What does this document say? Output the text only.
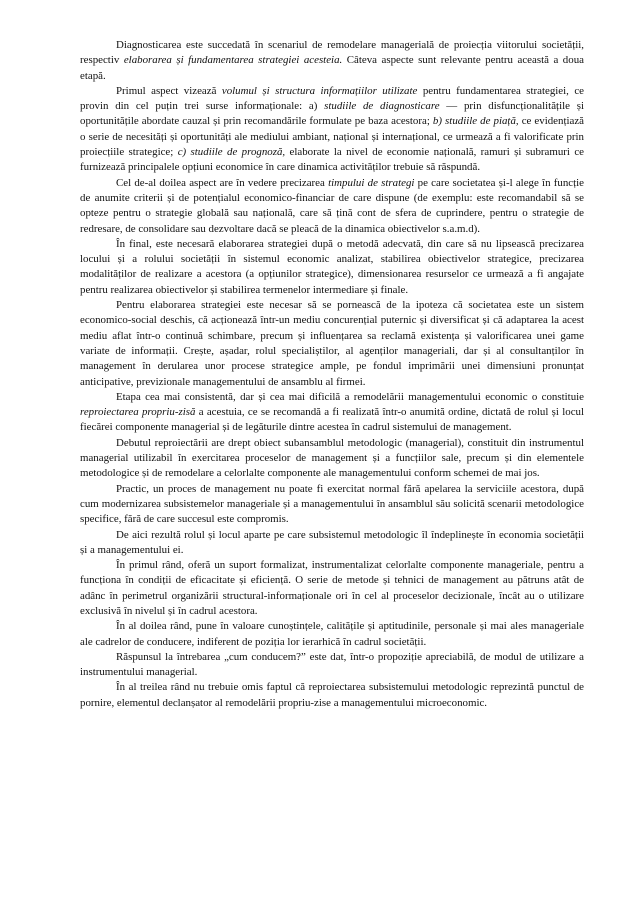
Diagnosticarea este succedată în scenariul de remodelare managerială de proiecția viitorului societății, respectiv elaborarea și fundamentarea strategiei acesteia. Câteva aspecte sunt relevante pentru această a doua etapă.

Primul aspect vizează volumul și structura informațiilor utilizate pentru fundamentarea strategiei, ce provin din cel puțin trei surse informaționale: a) studiile de diagnosticare — prin disfuncționalitățile și oportunitățile abordate cauzal și prin recomandările formulate pe baza acestora; b) studiile de piață, ce evidențiază o serie de necesități și oportunități ale mediului ambiant, național și internațional, ce urmează a fi valorificate prin proiecțiile strategice; c) studiile de prognoză, elaborate la nivel de economie națională, ramuri și subramuri ce furnizează principalele opțiuni economice în care dinamica activităților trebuie să răspundă.

Cel de-al doilea aspect are în vedere precizarea timpului de strategi pe care societatea și-l alege în funcție de anumite criterii și de potențialul economico-financiar de care dispune (de exemplu: este recomandabil să se opteze pentru o strategie globală sau națională, care să țină cont de sfera de cuprindere, pentru o strategie de redresare, de consolidare sau dezvoltare dacă se pleacă de la dinamica obiectivelor s.a.m.d).

În final, este necesară elaborarea strategiei după o metodă adecvată, din care să nu lipsească precizarea locului și a rolului societății în sistemul economic analizat, stabilirea obiectivelor strategice, precizarea modalităților de realizare a acestora (a opțiunilor strategice), dimensionarea resurselor ce urmează a fi angajate pentru realizarea obiectivelor și stabilirea termenelor intermediare și finale.

Pentru elaborarea strategiei este necesar să se pornească de la ipoteza că societatea este un sistem economico-social deschis, că acționează într-un mediu concurențial puternic și diversificat și că adaptarea la acest mediu aflat într-o continuă schimbare, precum și influențarea sa reclamă existența și valorificarea unei game variate de informații. Crește, așadar, rolul specialiștilor, al agenților manageriali, dar și al consultanților în management în derularea unor procese strategice ample, pe fondul imprimării unei dimensiuni pronunțat anticipative, previzionale managementului de ansamblu al firmei.

Etapa cea mai consistentă, dar și cea mai dificilă a remodelării managementului economic o constituie reproiectarea propriu-zisă a acestuia, ce se recomandă a fi realizată într-o anumită ordine, dictată de rolul și locul fiecărei componente managerial și de legăturile dintre acestea în cadrul sistemului de management.

Debutul reproiectării are drept obiect subansamblul metodologic (managerial), constituit din instrumentul managerial utilizabil în exercitarea proceselor de management și a funcțiilor sale, precum și din elementele metodologice și de remodelare a celorlalte componente ale managementului conform schemei de mai jos.

Practic, un proces de management nu poate fi exercitat normal fără apelarea la serviciile acestora, după cum modernizarea subsistemelor manageriale și a managementului în ansamblul său solicită scenarii metodologice specifice, fără de care succesul este compromis.

De aici rezultă rolul și locul aparte pe care subsistemul metodologic îl îndeplinește în economia societății și a managementului ei.

În primul rând, oferă un suport formalizat, instrumentalizat celorlalte componente manageriale, pentru a funcționa în condiții de eficacitate și eficiență. O serie de metode și tehnici de management au pătruns atât de adânc în perimetrul organizării structural-informaționale ori în cel al proceselor decizionale, încât au o utilizare exclusivă în nivelul și în cadrul acestora.

În al doilea rând, pune în valoare cunoștințele, calitățile și aptitudinile, personale și mai ales manageriale ale cadrelor de conducere, indiferent de poziția lor ierarhică în cadrul societății.

Răspunsul la întrebarea „cum conducem?” este dat, într-o propoziție apreciabilă, de modul de utilizare a instrumentului managerial.

În al treilea rând nu trebuie omis faptul că reproiectarea subsistemului metodologic reprezintă punctul de pornire, elementul declanșator al remodelării propriu-zise a managementului microeconomic.
